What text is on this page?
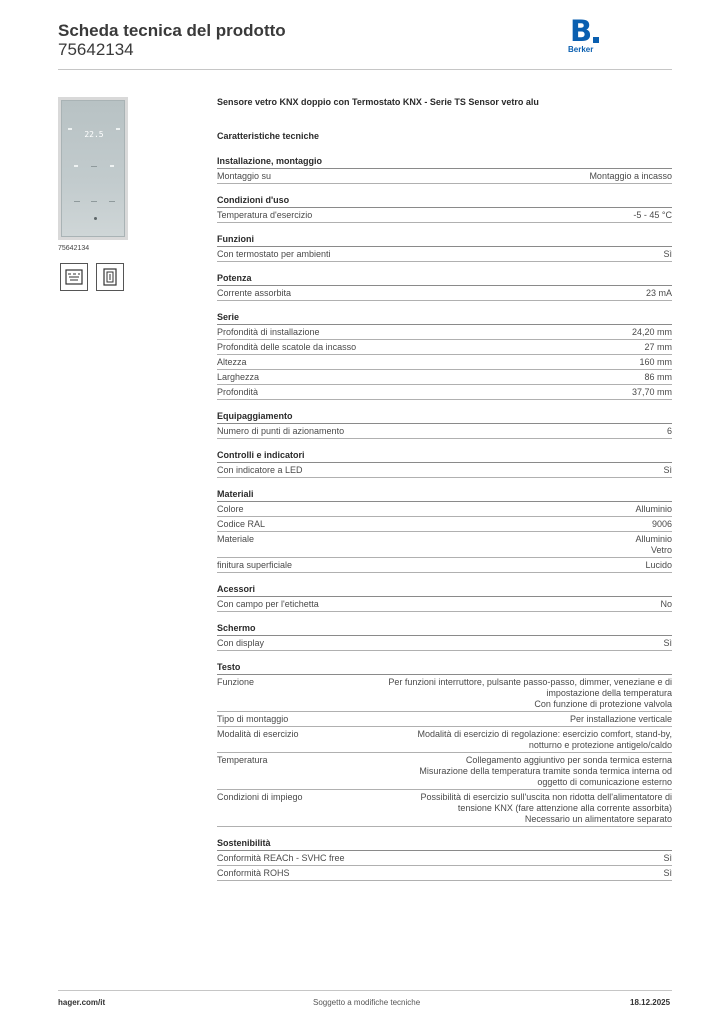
Scheda tecnica del prodotto
75642134
B
Berker
22.5
75642134
Sensore vetro KNX doppio con Termostato KNX - Serie TS Sensor vetro alu
Caratteristiche tecniche
Installazione, montaggio
Montaggio su	Montaggio a incasso
Condizioni d'uso
Temperatura d'esercizio	-5 - 45 °C
Funzioni
Con termostato per ambienti	Sì
Potenza
Corrente assorbita	23 mA
Serie
Profondità di installazione	24,20 mm
Profondità delle scatole da incasso	27 mm
Altezza	160 mm
Larghezza	86 mm
Profondità	37,70 mm
Equipaggiamento
Numero di punti di azionamento	6
Controlli e indicatori
Con indicatore a LED	Sì
Materiali
Colore	Alluminio
Codice RAL	9006
Materiale	Alluminio
Vetro
finitura superficiale	Lucido
Acessori
Con campo per l'etichetta	No
Schermo
Con display	Sì
Testo
Funzione	Per funzioni interruttore, pulsante passo-passo, dimmer, veneziane e di
impostazione della temperatura
Con funzione di protezione valvola
Tipo di montaggio	Per installazione verticale
Modalità di esercizio	Modalità di esercizio di regolazione: esercizio comfort, stand-by,
notturno e protezione antigelo/caldo
Temperatura	Collegamento aggiuntivo per sonda termica esterna
Misurazione della temperatura tramite sonda termica interna od
oggetto di comunicazione esterno
Condizioni di impiego	Possibilità di esercizio sull'uscita non ridotta dell'alimentatore di
tensione KNX (fare attenzione alla corrente assorbita)
Necessario un alimentatore separato
Sostenibilità
Conformità REACh - SVHC free	Sì
Conformità ROHS	Sì
hager.com/it	Soggetto a modifiche tecniche	18.12.2025
